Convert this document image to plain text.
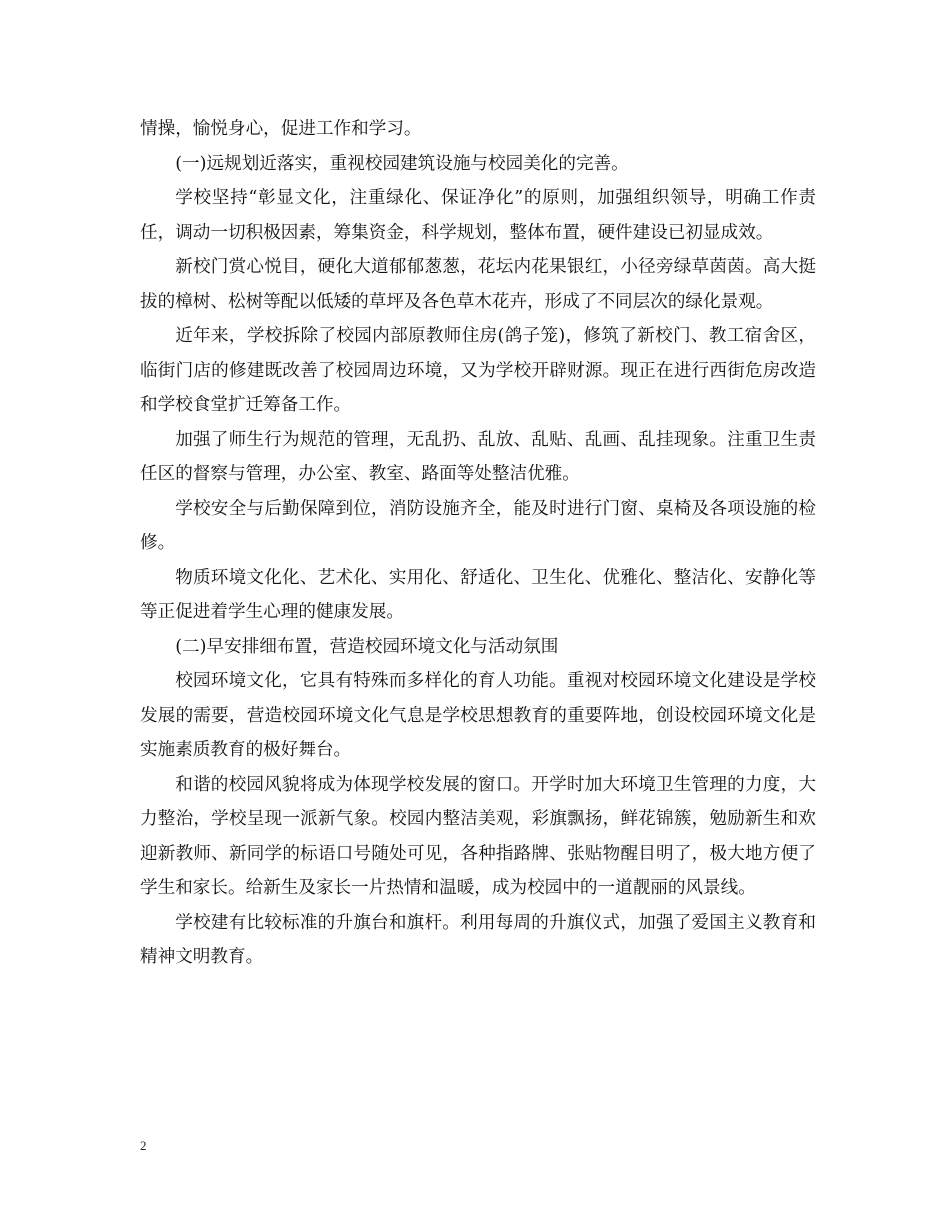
情操，愉悦身心，促进工作和学习。

(一)远规划近落实，重视校园建筑设施与校园美化的完善。

学校坚持“彰显文化，注重绿化、保证净化”的原则，加强组织领导，明确工作责任，调动一切积极因素，筹集资金，科学规划，整体布置，硬件建设已初显成效。

新校门赏心悦目，硬化大道郁郁葱葱，花坛内花果银红，小径旁绿草茵茵。高大挺拔的樟树、松树等配以低矮的草坪及各色草木花卉，形成了不同层次的绿化景观。

近年来，学校拆除了校园内部原教师住房(鸽子笼)，修筑了新校门、教工宿舍区，临街门店的修建既改善了校园周边环境，又为学校开辟财源。现正在进行西街危房改造和学校食堂扩迁筹备工作。

加强了师生行为规范的管理，无乱扔、乱放、乱贴、乱画、乱挂现象。注重卫生责任区的督察与管理，办公室、教室、路面等处整洁优雅。

学校安全与后勤保障到位，消防设施齐全，能及时进行门窗、桌椅及各项设施的检修。

物质环境文化化、艺术化、实用化、舒适化、卫生化、优雅化、整洁化、安静化等等正促进着学生心理的健康发展。

(二)早安排细布置，营造校园环境文化与活动氛围

校园环境文化，它具有特殊而多样化的育人功能。重视对校园环境文化建设是学校发展的需要，营造校园环境文化气息是学校思想教育的重要阵地，创设校园环境文化是实施素质教育的极好舞台。

和谐的校园风貌将成为体现学校发展的窗口。开学时加大环境卫生管理的力度，大力整治，学校呈现一派新气象。校园内整洁美观，彩旗飘扬，鲜花锦簇，勉励新生和欢迎新教师、新同学的标语口号随处可见，各种指路牌、张贴物醒目明了，极大地方便了学生和家长。给新生及家长一片热情和温暖，成为校园中的一道靓丽的风景线。

学校建有比较标准的升旗台和旗杆。利用每周的升旗仪式，加强了爱国主义教育和精神文明教育。

2
